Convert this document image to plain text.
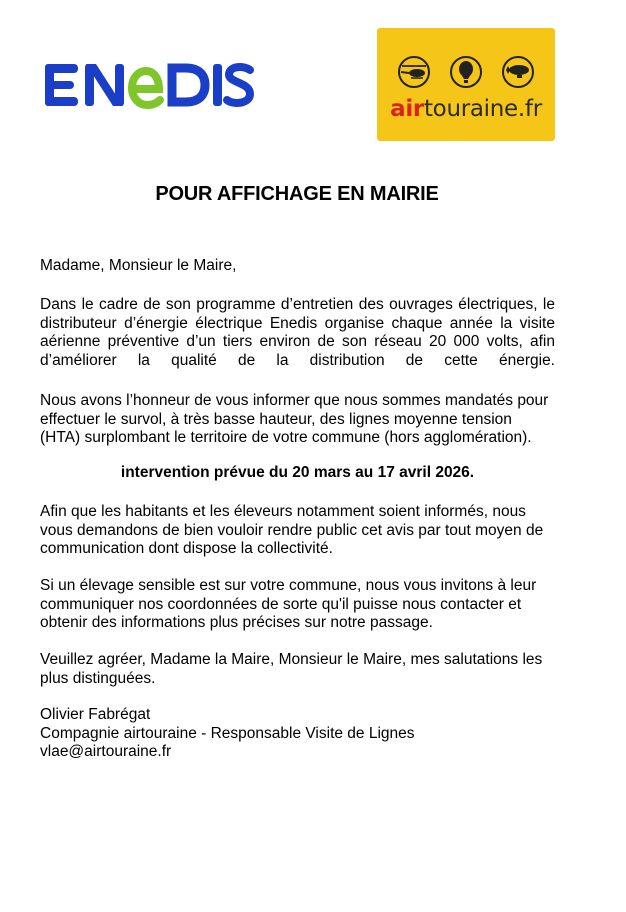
airtouraine.fr
POUR AFFICHAGE EN MAIRIE

Madame, Monsieur le Maire,

Dans le cadre de son programme d’entretien des ouvrages électriques, le
distributeur d’énergie électrique Enedis organise chaque année la visite
aérienne préventive d’un tiers environ de son réseau 20 000 volts, afin
d’améliorer la qualité de la distribution de cette énergie.

Nous avons l’honneur de vous informer que nous sommes mandatés pour
effectuer le survol, à très basse hauteur, des lignes moyenne tension
(HTA) surplombant le territoire de votre commune (hors agglomération).

intervention prévue du 20 mars au 17 avril 2026.

Afin que les habitants et les éleveurs notamment soient informés, nous
vous demandons de bien vouloir rendre public cet avis par tout moyen de
communication dont dispose la collectivité.

Si un élevage sensible est sur votre commune, nous vous invitons à leur
communiquer nos coordonnées de sorte qu'il puisse nous contacter et
obtenir des informations plus précises sur notre passage.

Veuillez agréer, Madame la Maire, Monsieur le Maire, mes salutations les
plus distinguées.

Olivier Fabrégat
Compagnie airtouraine - Responsable Visite de Lignes
vlae@airtouraine.fr
